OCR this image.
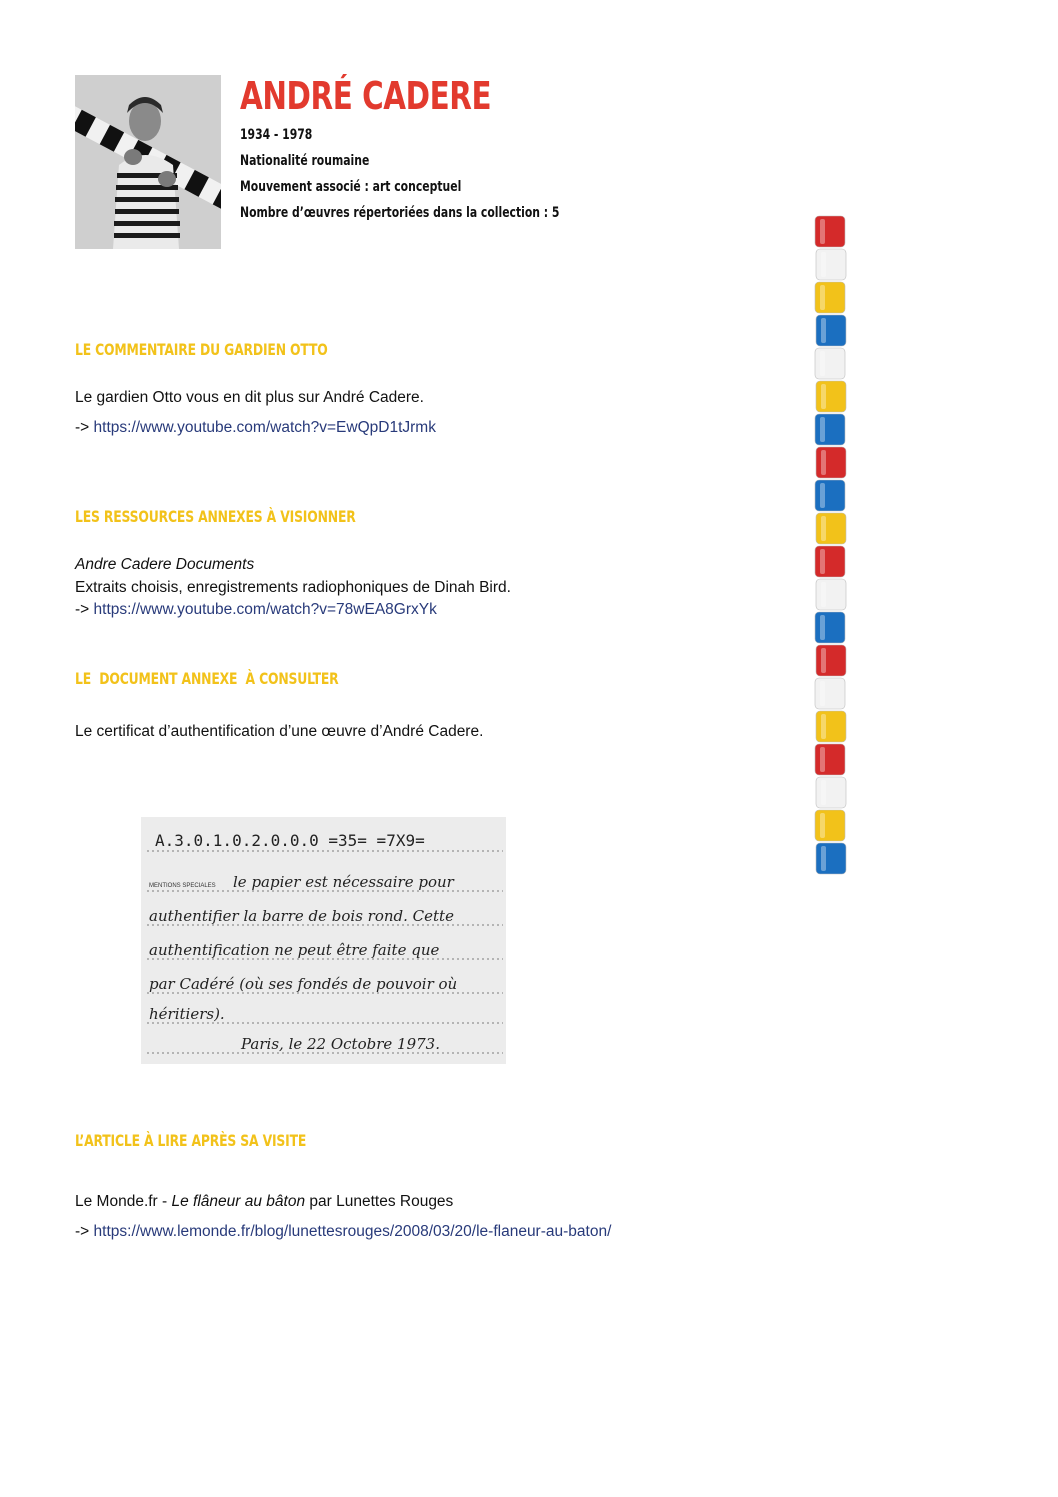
ANDRÉ CADERE
1934 - 1978
Nationalité roumaine
Mouvement associé : art conceptuel
Nombre d’œuvres répertoriées dans la collection : 5
LE COMMENTAIRE DU GARDIEN OTTO
Le gardien Otto vous en dit plus sur André Cadere.
-> https://www.youtube.com/watch?v=EwQpD1tJrmk
LES RESSOURCES ANNEXES À VISIONNER
Andre Cadere Documents
Extraits choisis, enregistrements radiophoniques de Dinah Bird.
-> https://www.youtube.com/watch?v=78wEA8GrxYk
LE  DOCUMENT ANNEXE  À CONSULTER
Le certificat d’authentification d’une œuvre d’André Cadere.
A.3.0.1.0.2.0.0.0 =35= =7X9=
MENTIONS SPECIALES le papier est nécessaire pour
authentifier la barre de bois rond. Cette
authentification ne peut être faite que
par Cadéré (où ses fondés de pouvoir où
héritiers).
Paris, le 22 Octobre 1973.
L’ARTICLE À LIRE APRÈS SA VISITE
Le Monde.fr - Le flâneur au bâton par Lunettes Rouges
-> https://www.lemonde.fr/blog/lunettesrouges/2008/03/20/le-flaneur-au-baton/
